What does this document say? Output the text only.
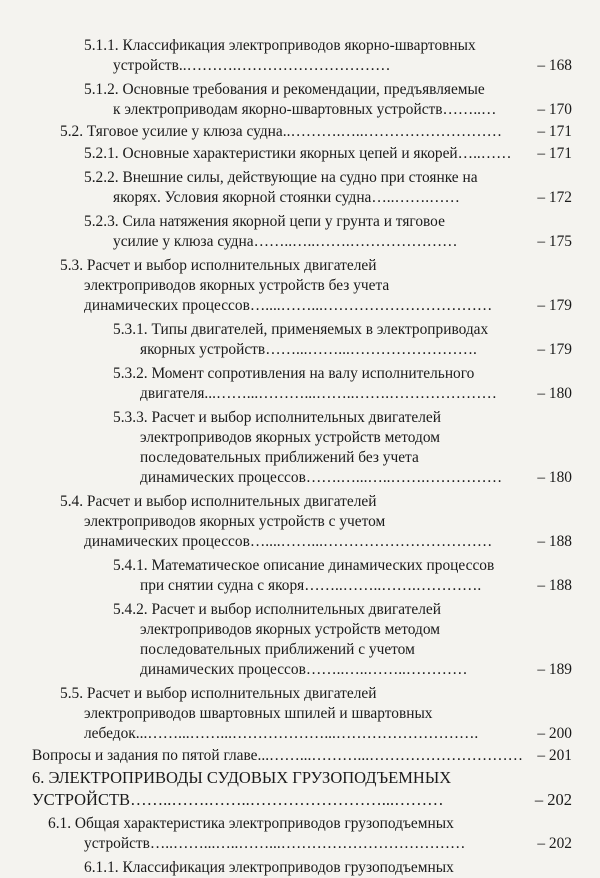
5.1.1. Классификация электроприводов якорно-швартовных
устройств ..……….…………………………	– 168
5.1.2. Основные требования и рекомендации, предъявляемые
к электроприводам якорно-швартовных устройств ……..…	– 170
5.2. Тяговое усилие у клюза судна ..……….…..………………………	– 171
5.2.1. Основные характеристики якорных цепей и якорей …..……	– 171
5.2.2. Внешние силы, действующие на судно при стоянке на
якорях. Условия якорной стоянки судна …..…….……	– 172
5.2.3. Сила натяжения якорной цепи у грунта и тяговое
усилие у клюза судна ……..…..…….…………………	– 175
5.3. Расчет и выбор исполнительных двигателей
электроприводов якорных устройств без учета
динамических процессов …....……...……………………………	– 179
5.3.1. Типы двигателей, применяемых в электроприводах
якорных устройств ……...……...…………………….	– 179
5.3.2. Момент сопротивления на валу исполнительного
двигателя ...……...………...……..…….…………………	– 180
5.3.3. Расчет и выбор исполнительных двигателей
электроприводов якорных устройств методом
последовательных приближений без учета
динамических процессов …….…...…..…….……………	– 180
5.4. Расчет и выбор исполнительных двигателей
электроприводов якорных устройств с учетом
динамических процессов …....……...……………………………	– 188
5.4.1. Математическое описание динамических процессов
при снятии судна с якоря ……..……..…….………….	– 188
5.4.2. Расчет и выбор исполнительных двигателей
электроприводов якорных устройств методом
последовательных приближений с учетом
динамических процессов ……..…..……..…………	– 189
5.5. Расчет и выбор исполнительных двигателей
электроприводов швартовных шпилей и швартовных
лебедок ...……...……...………………...……………………….	– 200
Вопросы и задания по пятой главе ...……...………...………………………… – 201
6. ЭЛЕКТРОПРИВОДЫ СУДОВЫХ ГРУЗОПОДЪЕМНЫХ
УСТРОЙСТВ ……..…….……..……………………...………	– 202
6.1. Общая характеристика электроприводов грузоподъемных
устройств …..……...…..……...………………………………	– 202
6.1.1. Классификация электроприводов грузоподъемных
